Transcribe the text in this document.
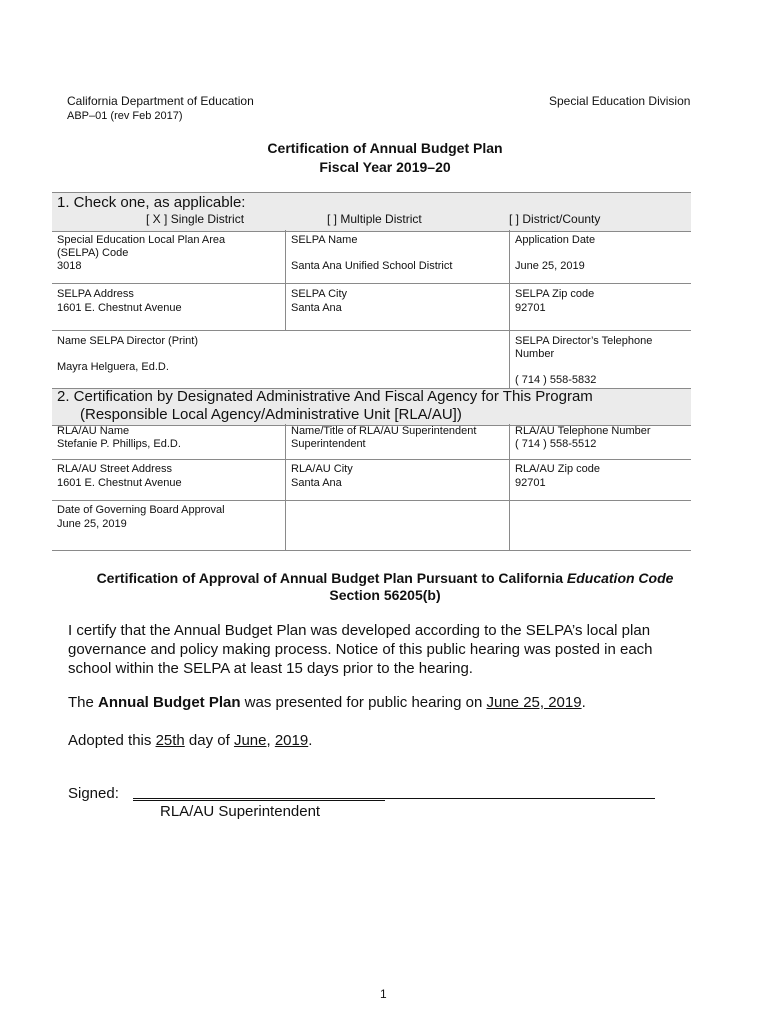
California Department of Education
ABP–01 (rev Feb 2017)
Special Education Division
Certification of Annual Budget Plan
Fiscal Year 2019–20
1. Check one, as applicable:
[ X ] Single District	[ ] Multiple District	[ ] District/County
Special Education Local Plan Area
(SELPA) Code
3018
SELPA Name
Santa Ana Unified School District
Application Date
June 25, 2019
SELPA Address
1601 E. Chestnut Avenue
SELPA City
Santa Ana
SELPA Zip code
92701
Name SELPA Director (Print)
Mayra Helguera, Ed.D.
SELPA Director’s Telephone
Number
( 714 ) 558-5832
2. Certification by Designated Administrative And Fiscal Agency for This Program
(Responsible Local Agency/Administrative Unit [RLA/AU])
RLA/AU Name
Stefanie P. Phillips, Ed.D.
Name/Title of RLA/AU Superintendent
Superintendent
RLA/AU Telephone Number
( 714 ) 558-5512
RLA/AU Street Address
1601 E. Chestnut Avenue
RLA/AU City
Santa Ana
RLA/AU Zip code
92701
Date of Governing Board Approval
June 25, 2019
Certification of Approval of Annual Budget Plan Pursuant to California Education Code
Section 56205(b)
I certify that the Annual Budget Plan was developed according to the SELPA’s local plan
governance and policy making process. Notice of this public hearing was posted in each
school within the SELPA at least 15 days prior to the hearing.
The Annual Budget Plan was presented for public hearing on June 25, 2019.
Adopted this 25th day of June, 2019.
Signed:
RLA/AU Superintendent
1
